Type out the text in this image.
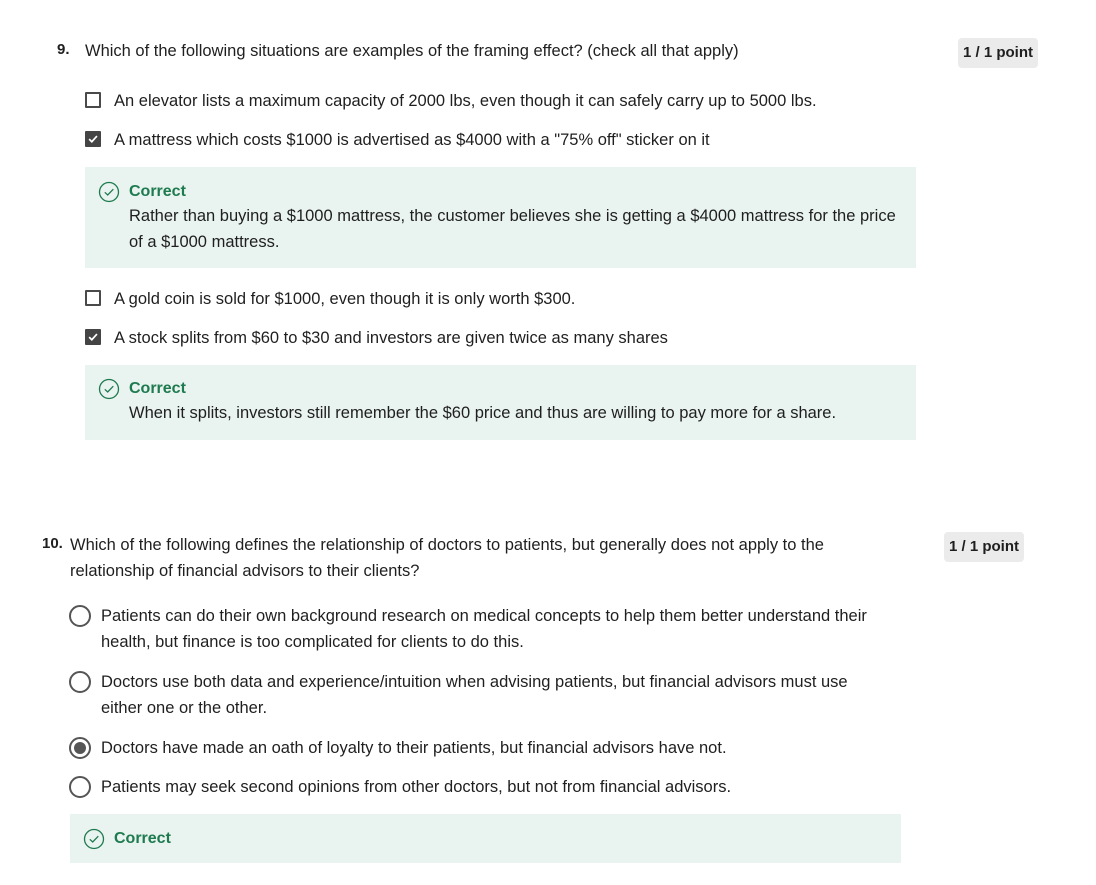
9. Which of the following situations are examples of the framing effect? (check all that apply)	1 / 1 point
An elevator lists a maximum capacity of 2000 lbs, even though it can safely carry up to 5000 lbs.
A mattress which costs $1000 is advertised as $4000 with a "75% off" sticker on it
Correct
Rather than buying a $1000 mattress, the customer believes she is getting a $4000 mattress for the price of a $1000 mattress.
A gold coin is sold for $1000, even though it is only worth $300.
A stock splits from $60 to $30 and investors are given twice as many shares
Correct
When it splits, investors still remember the $60 price and thus are willing to pay more for a share.
10. Which of the following defines the relationship of doctors to patients, but generally does not apply to the relationship of financial advisors to their clients?
1 / 1 point
Patients can do their own background research on medical concepts to help them better understand their health, but finance is too complicated for clients to do this.
Doctors use both data and experience/intuition when advising patients, but financial advisors must use either one or the other.
Doctors have made an oath of loyalty to their patients, but financial advisors have not.
Patients may seek second opinions from other doctors, but not from financial advisors.
Correct
